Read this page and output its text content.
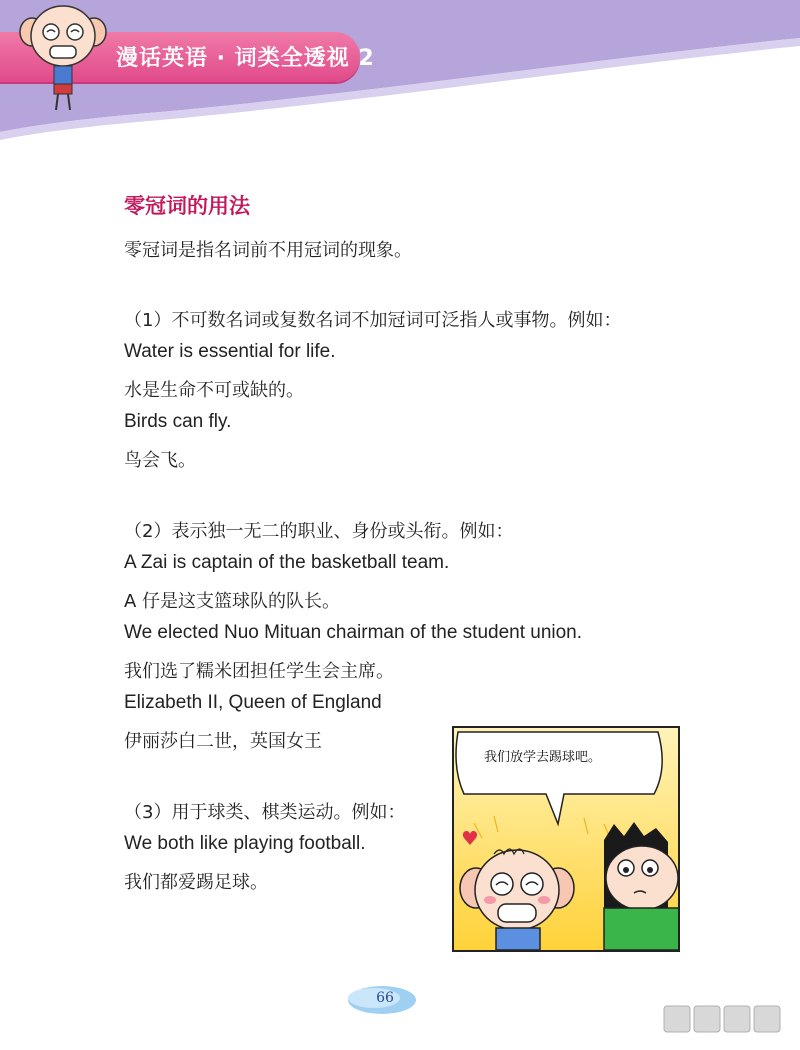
漫话英语 · 词类全透视 2
零冠词的用法
零冠词是指名词前不用冠词的现象。
（1）不可数名词或复数名词不加冠词可泛指人或事物。例如：
Water is essential for life.
水是生命不可或缺的。
Birds can fly.
鸟会飞。
（2）表示独一无二的职业、身份或头衔。例如：
A Zai is captain of the basketball team.
A 仔是这支篮球队的队长。
We elected Nuo Mituan chairman of the student union.
我们选了糯米团担任学生会主席。
Elizabeth II, Queen of England
伊丽莎白二世，英国女王
（3）用于球类、棋类运动。例如：
We both like playing football.
我们都爱踢足球。
我们放学去踢球吧。
66
